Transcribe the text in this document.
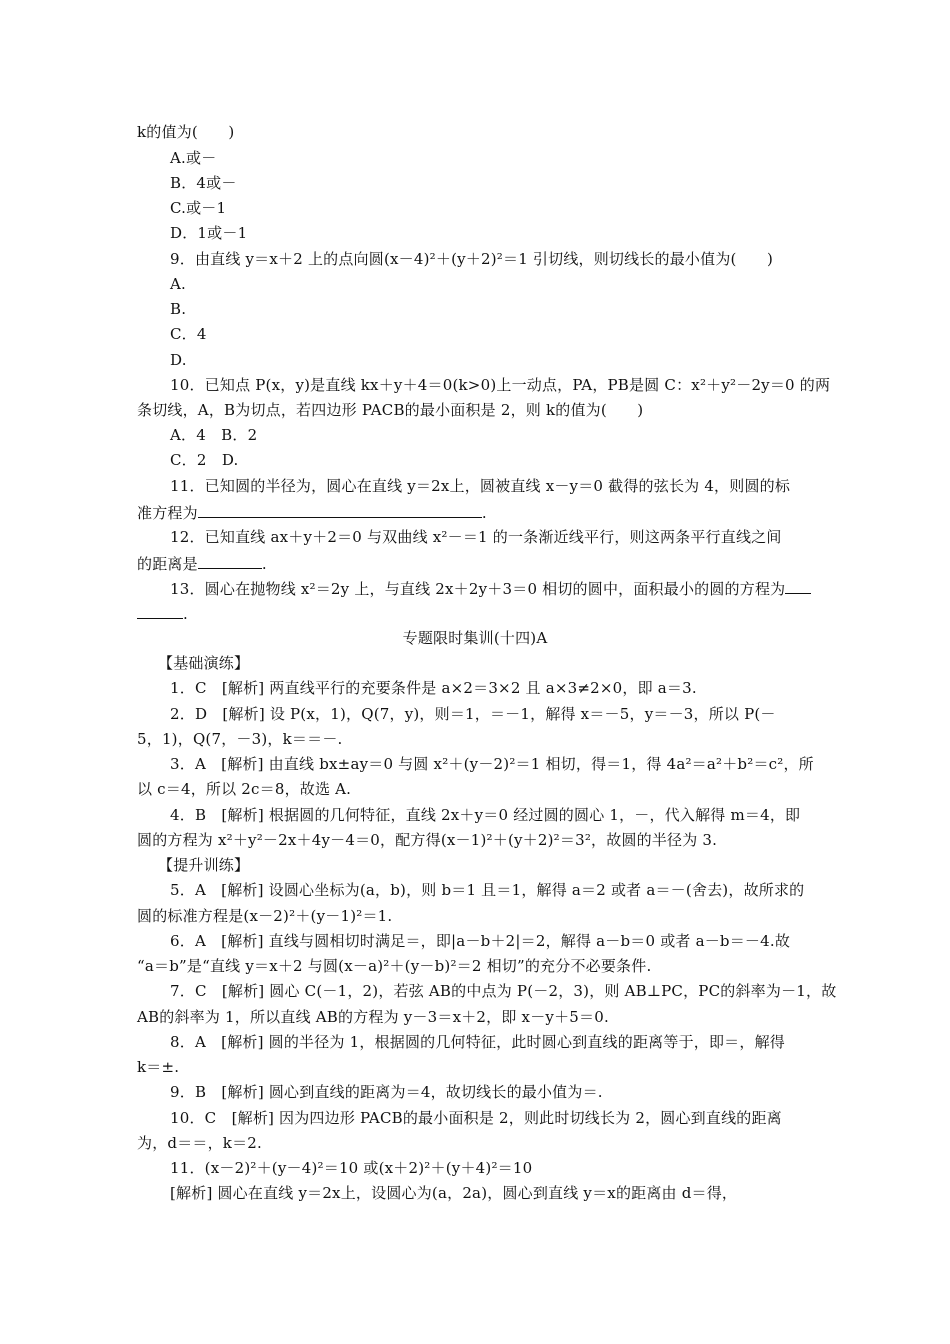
k的值为(　　)
A.或－
B．4或－
C.或－1
D．1或－1
9．由直线 y＝x＋2 上的点向圆(x－4)²＋(y＋2)²＝1 引切线，则切线长的最小值为(　　)
A.
B.
C．4
D.
10．已知点 P(x，y)是直线 kx＋y＋4＝0(k>0)上一动点，PA，PB是圆 C：x²＋y²－2y＝0 的两
条切线，A，B为切点，若四边形 PACB的最小面积是 2，则 k的值为(　　)
A．4　B．2
C．2　D.
11．已知圆的半径为，圆心在直线 y＝2x上，圆被直线 x－y＝0 截得的弦长为 4，则圆的标
准方程为	.
12．已知直线 ax＋y＋2＝0 与双曲线 x²－＝1 的一条渐近线平行，则这两条平行直线之间
的距离是	.
13．圆心在抛物线 x²＝2y 上，与直线 2x＋2y＋3＝0 相切的圆中，面积最小的圆的方程为
.
专题限时集训(十四)A
【基础演练】
1．C　[解析] 两直线平行的充要条件是 a×2＝3×2 且 a×3≠2×0，即 a＝3.
2．D　[解析] 设 P(x，1)，Q(7，y)，则＝1，＝－1，解得 x＝－5，y＝－3，所以 P(－
5，1)，Q(7，－3)，k＝＝－.
3．A　[解析] 由直线 bx±ay＝0 与圆 x²＋(y－2)²＝1 相切，得＝1，得 4a²＝a²＋b²＝c²，所
以 c＝4，所以 2c＝8，故选 A.
4．B　[解析] 根据圆的几何特征，直线 2x＋y＝0 经过圆的圆心 1，－，代入解得 m＝4，即
圆的方程为 x²＋y²－2x＋4y－4＝0，配方得(x－1)²＋(y＋2)²＝3²，故圆的半径为 3.
【提升训练】
5．A　[解析] 设圆心坐标为(a，b)，则 b＝1 且＝1，解得 a＝2 或者 a＝－(舍去)，故所求的
圆的标准方程是(x－2)²＋(y－1)²＝1.
6．A　[解析] 直线与圆相切时满足＝，即|a－b＋2|＝2，解得 a－b＝0 或者 a－b＝－4.故
“a＝b”是“直线 y＝x＋2 与圆(x－a)²＋(y－b)²＝2 相切”的充分不必要条件.
7．C　[解析] 圆心 C(－1，2)，若弦 AB的中点为 P(－2，3)，则 AB⊥PC，PC的斜率为－1，故
AB的斜率为 1，所以直线 AB的方程为 y－3＝x＋2，即 x－y＋5＝0.
8．A　[解析] 圆的半径为 1，根据圆的几何特征，此时圆心到直线的距离等于，即＝，解得
k＝±.
9．B　[解析] 圆心到直线的距离为＝4，故切线长的最小值为＝.
10．C　[解析] 因为四边形 PACB的最小面积是 2，则此时切线长为 2，圆心到直线的距离
为，d＝＝，k＝2.
11．(x－2)²＋(y－4)²＝10 或(x＋2)²＋(y＋4)²＝10
[解析] 圆心在直线 y＝2x上，设圆心为(a，2a)，圆心到直线 y＝x的距离由 d＝得，
